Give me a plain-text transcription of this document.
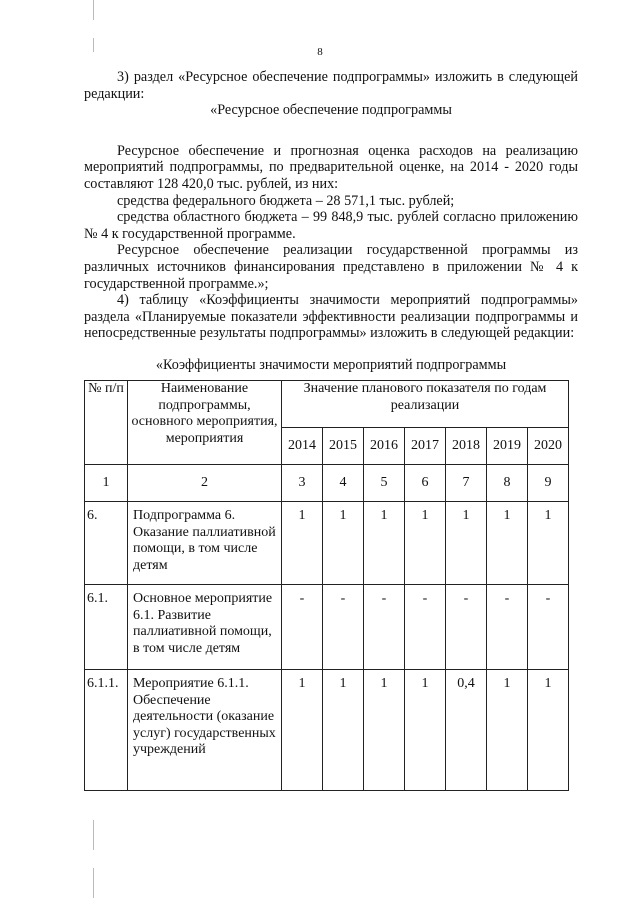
8

3) раздел «Ресурсное обеспечение подпрограммы» изложить в следующей редакции:

«Ресурсное обеспечение подпрограммы

Ресурсное обеспечение и прогнозная оценка расходов на реализацию мероприятий подпрограммы, по предварительной оценке, на 2014 - 2020 годы составляют 128 420,0 тыс. рублей, из них:

средства федерального бюджета – 28 571,1 тыс. рублей;

средства областного бюджета – 99 848,9 тыс. рублей согласно приложению № 4 к государственной программе.

Ресурсное обеспечение реализации государственной программы из различных источников финансирования представлено в приложении № 4 к государственной программе.»;

4) таблицу «Коэффициенты значимости мероприятий подпрограммы» раздела «Планируемые показатели эффективности реализации подпрограммы и непосредственные результаты подпрограммы» изложить в следующей редакции:

«Коэффициенты значимости мероприятий подпрограммы
№ п/п	Наименование подпрограммы, основного мероприятия, мероприятия	Значение планового показателя по годам реализации						
		2014	2015	2016	2017	2018	2019	2020
1	2	3	4	5	6	7	8	9
6.	Подпрограмма 6. Оказание паллиативной помощи, в том числе детям	1	1	1	1	1	1	1
6.1.	Основное мероприятие 6.1. Развитие паллиативной помощи, в том числе детям	-	-	-	-	-	-	-
6.1.1.	Мероприятие 6.1.1. Обеспечение деятельности (оказание услуг) государственных учреждений	1	1	1	1	0,4	1	1
